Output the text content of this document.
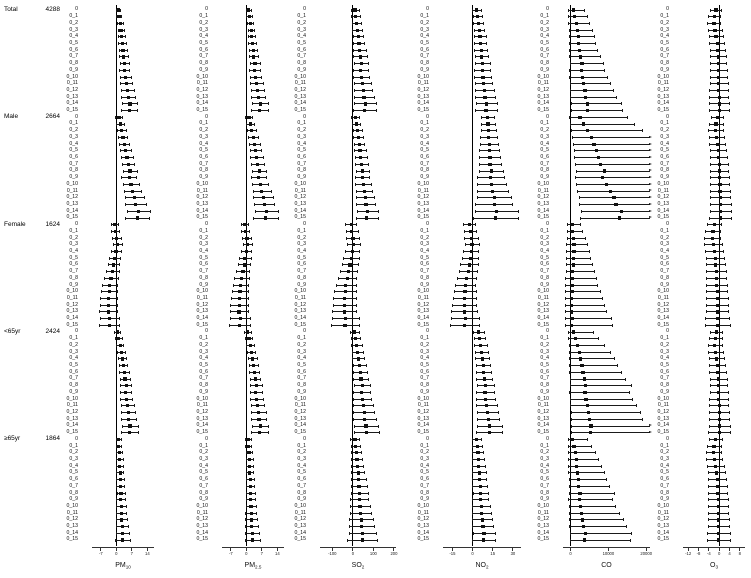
Total	4288
Male	2664
Female	1624
<65yr	2424
≥65yr	1864
0
0_1
0_2
0_3
0_4
0_5
0_6
0_7
0_8
0_9
0_10
0_11
0_12
0_13
0_14
0_15
0
0_1
0_2
0_3
0_4
0_5
0_6
0_7
0_8
0_9
0_10
0_11
0_12
0_13
0_14
0_15
0
0_1
0_2
0_3
0_4
0_5
0_6
0_7
0_8
0_9
0_10
0_11
0_12
0_13
0_14
0_15
0
0_1
0_2
0_3
0_4
0_5
0_6
0_7
0_8
0_9
0_10
0_11
0_12
0_13
0_14
0_15
0
0_1
0_2
0_3
0_4
0_5
0_6
0_7
0_8
0_9
0_10
0_11
0_12
0_13
0_14
0_15
-7	0	7	14
$PM_{10}$
0
0_1
0_2
0_3
0_4
0_5
0_6
0_7
0_8
0_9
0_10
0_11
0_12
0_13
0_14
0_15
0
0_1
0_2
0_3
0_4
0_5
0_6
0_7
0_8
0_9
0_10
0_11
0_12
0_13
0_14
0_15
0
0_1
0_2
0_3
0_4
0_5
0_6
0_7
0_8
0_9
0_10
0_11
0_12
0_13
0_14
0_15
0
0_1
0_2
0_3
0_4
0_5
0_6
0_7
0_8
0_9
0_10
0_11
0_12
0_13
0_14
0_15
0
0_1
0_2
0_3
0_4
0_5
0_6
0_7
0_8
0_9
0_10
0_11
0_12
0_13
0_14
0_15
-7	0	7	14
$PM_{2.5}$
0
0_1
0_2
0_3
0_4
0_5
0_6
0_7
0_8
0_9
0_10
0_11
0_12
0_13
0_14
0_15
0
0_1
0_2
0_3
0_4
0_5
0_6
0_7
0_8
0_9
0_10
0_11
0_12
0_13
0_14
0_15
0
0_1
0_2
0_3
0_4
0_5
0_6
0_7
0_8
0_9
0_10
0_11
0_12
0_13
0_14
0_15
0
0_1
0_2
0_3
0_4
0_5
0_6
0_7
0_8
0_9
0_10
0_11
0_12
0_13
0_14
0_15
0
0_1
0_2
0_3
0_4
0_5
0_6
0_7
0_8
0_9
0_10
0_11
0_12
0_13
0_14
0_15
-100	0	100	200
$SO_2$
0
0_1
0_2
0_3
0_4
0_5
0_6
0_7
0_8
0_9
0_10
0_11
0_12
0_13
0_14
0_15
0
0_1
0_2
0_3
0_4
0_5
0_6
0_7
0_8
0_9
0_10
0_11
0_12
0_13
0_14
0_15
0
0_1
0_2
0_3
0_4
0_5
0_6
0_7
0_8
0_9
0_10
0_11
0_12
0_13
0_14
0_15
0
0_1
0_2
0_3
0_4
0_5
0_6
0_7
0_8
0_9
0_10
0_11
0_12
0_13
0_14
0_15
0
0_1
0_2
0_3
0_4
0_5
0_6
0_7
0_8
0_9
0_10
0_11
0_12
0_13
0_14
0_15
-15	0	15	30
$NO_2$
0
0_1
0_2
0_3
0_4
0_5
0_6
0_7
0_8
0_9
0_10
0_11
0_12
0_13
0_14
0_15
0
0_1
0_2
0_3
0_4
0_5
0_6
0_7
0_8
0_9
0_10
0_11
0_12
0_13
0_14
0_15
0
0_1
0_2
0_3
0_4
0_5
0_6
0_7
0_8
0_9
0_10
0_11
0_12
0_13
0_14
0_15
0
0_1
0_2
0_3
0_4
0_5
0_6
0_7
0_8
0_9
0_10
0_11
0_12
0_13
0_14
0_15
0
0_1
0_2
0_3
0_4
0_5
0_6
0_7
0_8
0_9
0_10
0_11
0_12
0_13
0_14
0_15
0	10000	20000
CO
0
0_1
0_2
0_3
0_4
0_5
0_6
0_7
0_8
0_9
0_10
0_11
0_12
0_13
0_14
0_15
0
0_1
0_2
0_3
0_4
0_5
0_6
0_7
0_8
0_9
0_10
0_11
0_12
0_13
0_14
0_15
0
0_1
0_2
0_3
0_4
0_5
0_6
0_7
0_8
0_9
0_10
0_11
0_12
0_13
0_14
0_15
0
0_1
0_2
0_3
0_4
0_5
0_6
0_7
0_8
0_9
0_10
0_11
0_12
0_13
0_14
0_15
0
0_1
0_2
0_3
0_4
0_5
0_6
0_7
0_8
0_9
0_10
0_11
0_12
0_13
0_14
0_15
-12	-8	-4	0	4	8
$O_3$
